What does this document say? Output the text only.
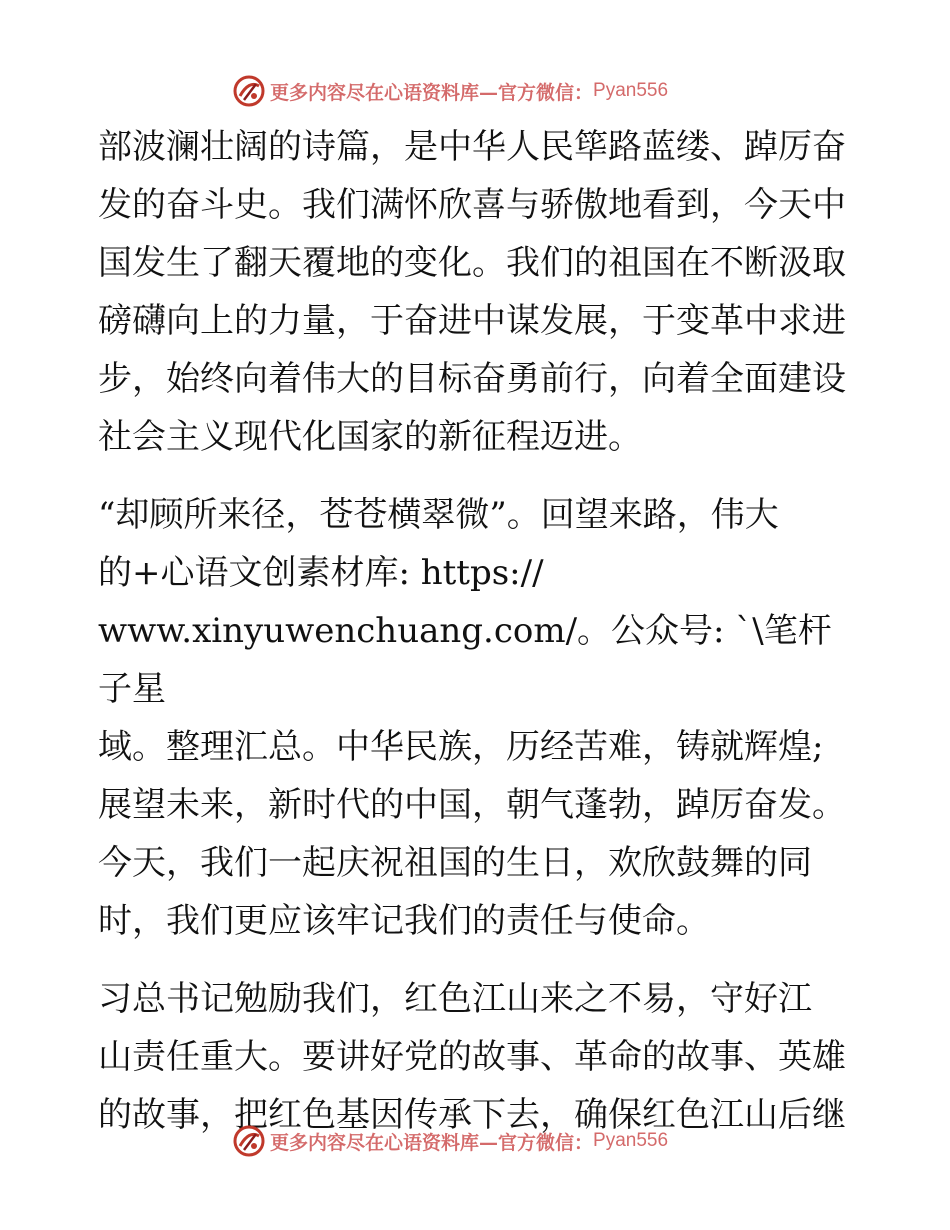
更多内容尽在心语资料库—官方微信： Pyan556

部波澜壮阔的诗篇，是中华人民筚路蓝缕、踔厉奋
发的奋斗史。我们满怀欣喜与骄傲地看到，今天中
国发生了翻天覆地的变化。我们的祖国在不断汲取
磅礴向上的力量，于奋进中谋发展，于变革中求进
步，始终向着伟大的目标奋勇前行，向着全面建设
社会主义现代化国家的新征程迈进。

“却顾所来径，苍苍横翠微”。回望来路，伟大
的+心语文创素材库: https://
www.xinyuwenchuang.com/。公众号: `\笔杆子星
域。整理汇总。中华民族，历经苦难，铸就辉煌;
展望未来，新时代的中国，朝气蓬勃，踔厉奋发。
今天，我们一起庆祝祖国的生日，欢欣鼓舞的同
时，我们更应该牢记我们的责任与使命。

习总书记勉励我们，红色江山来之不易，守好江
山责任重大。要讲好党的故事、革命的故事、英雄
的故事，把红色基因传承下去，确保红色江山后继

更多内容尽在心语资料库—官方微信： Pyan556
